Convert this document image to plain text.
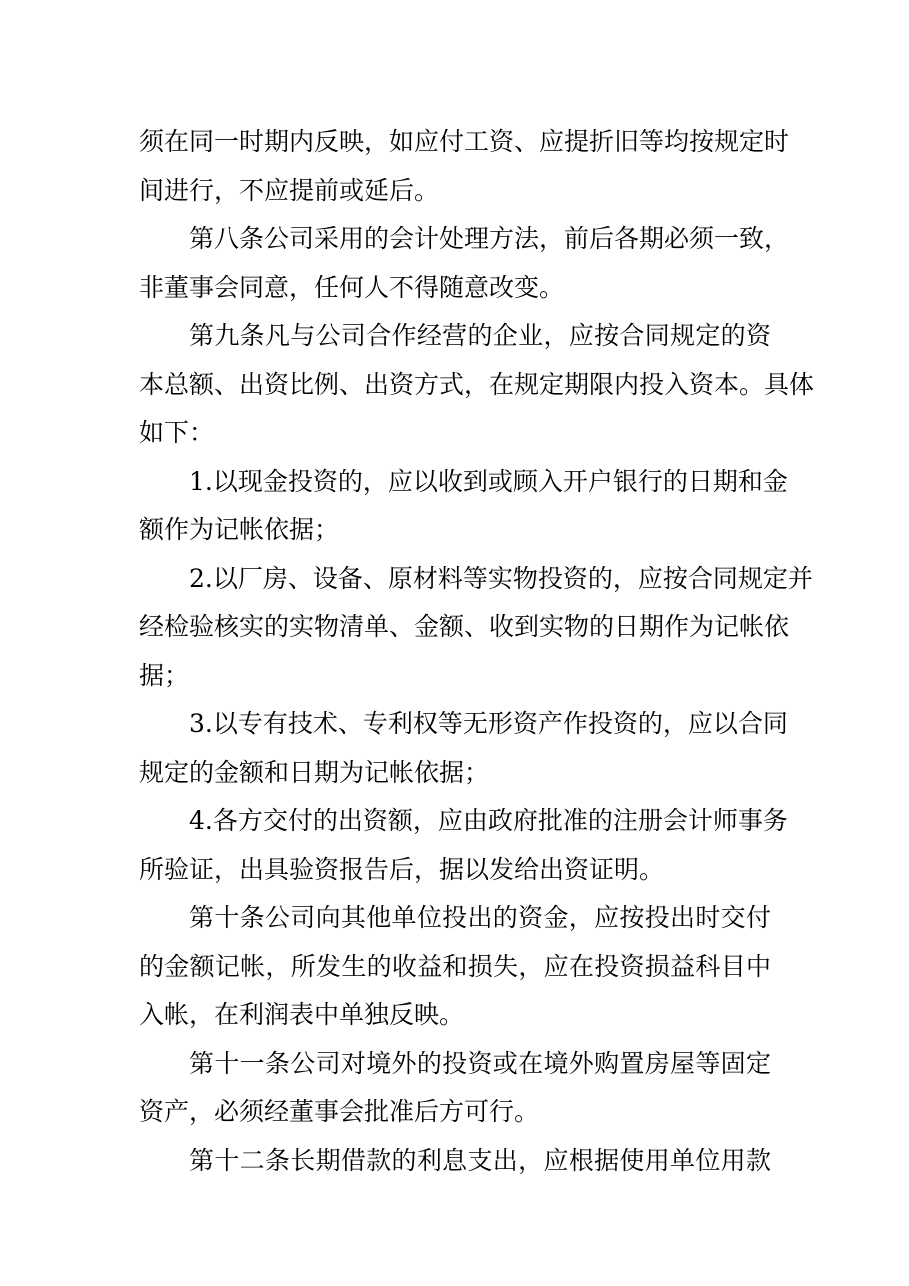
须在同一时期内反映，如应付工资、应提折旧等均按规定时
间进行，不应提前或延后。
第八条公司采用的会计处理方法，前后各期必须一致，
非董事会同意，任何人不得随意改变。
第九条凡与公司合作经营的企业，应按合同规定的资
本总额、出资比例、出资方式，在规定期限内投入资本。具体
如下：
1.以现金投资的，应以收到或顾入开户银行的日期和金
额作为记帐依据；
2.以厂房、设备、原材料等实物投资的，应按合同规定并
经检验核实的实物清单、金额、收到实物的日期作为记帐依
据；
3.以专有技术、专利权等无形资产作投资的，应以合同
规定的金额和日期为记帐依据；
4.各方交付的出资额，应由政府批准的注册会计师事务
所验证，出具验资报告后，据以发给出资证明。
第十条公司向其他单位投出的资金，应按投出时交付
的金额记帐，所发生的收益和损失，应在投资损益科目中
入帐，在利润表中单独反映。
第十一条公司对境外的投资或在境外购置房屋等固定
资产，必须经董事会批准后方可行。
第十二条长期借款的利息支出，应根据使用单位用款
